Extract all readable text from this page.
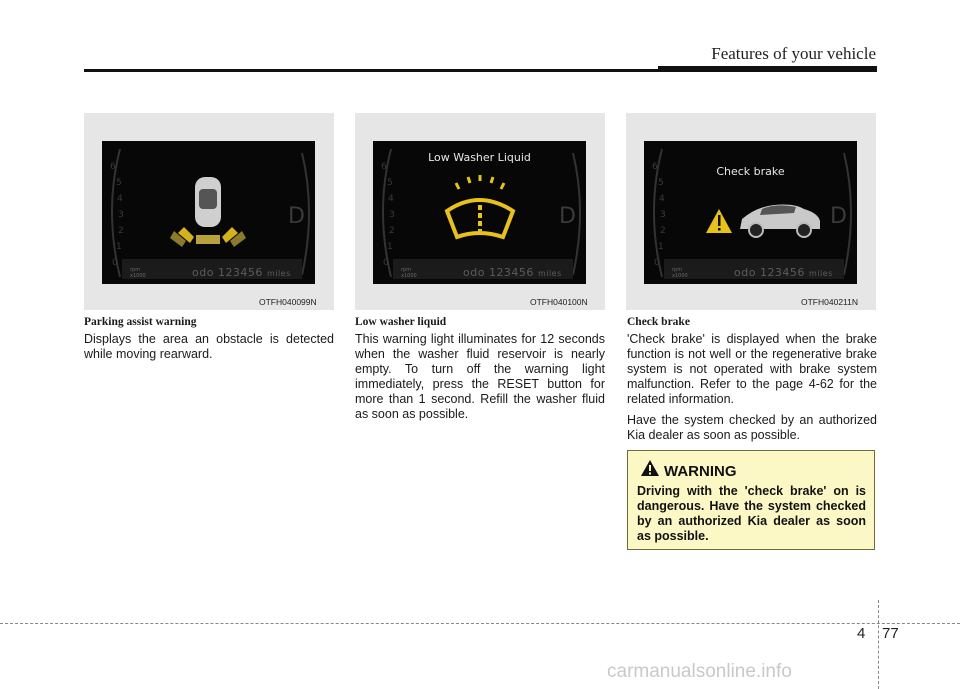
Features of your vehicle
6
5
4
3
2
1
0
D
rpm
x1000	odo 123456 miles
OTFH040099N
6
5
4
3
2
1
0
D
Low Washer Liquid
rpm
x1000	odo 123456 miles
OTFH040100N
6
5
4
3
2
1
0
D
Check brake
rpm
x1000	odo 123456 miles
OTFH040211N
Parking assist warning

Displays the area an obstacle is detected while moving rearward.

Low washer liquid

This warning light illuminates for 12 seconds when the washer fluid reservoir is nearly empty. To turn off the warning light immediately, press the RESET button for more than 1 second. Refill the washer fluid as soon as possible.

Check brake

'Check brake' is displayed when the brake function is not well or the regenerative brake system is not operated with brake system malfunction. Refer to the page 4-62 for the related information.

Have the system checked by an authorized Kia dealer as soon as possible.

WARNING
Driving with the 'check brake' on is dangerous. Have the system checked by an authorized Kia dealer as soon as possible.
4 77
carmanualsonline.info
